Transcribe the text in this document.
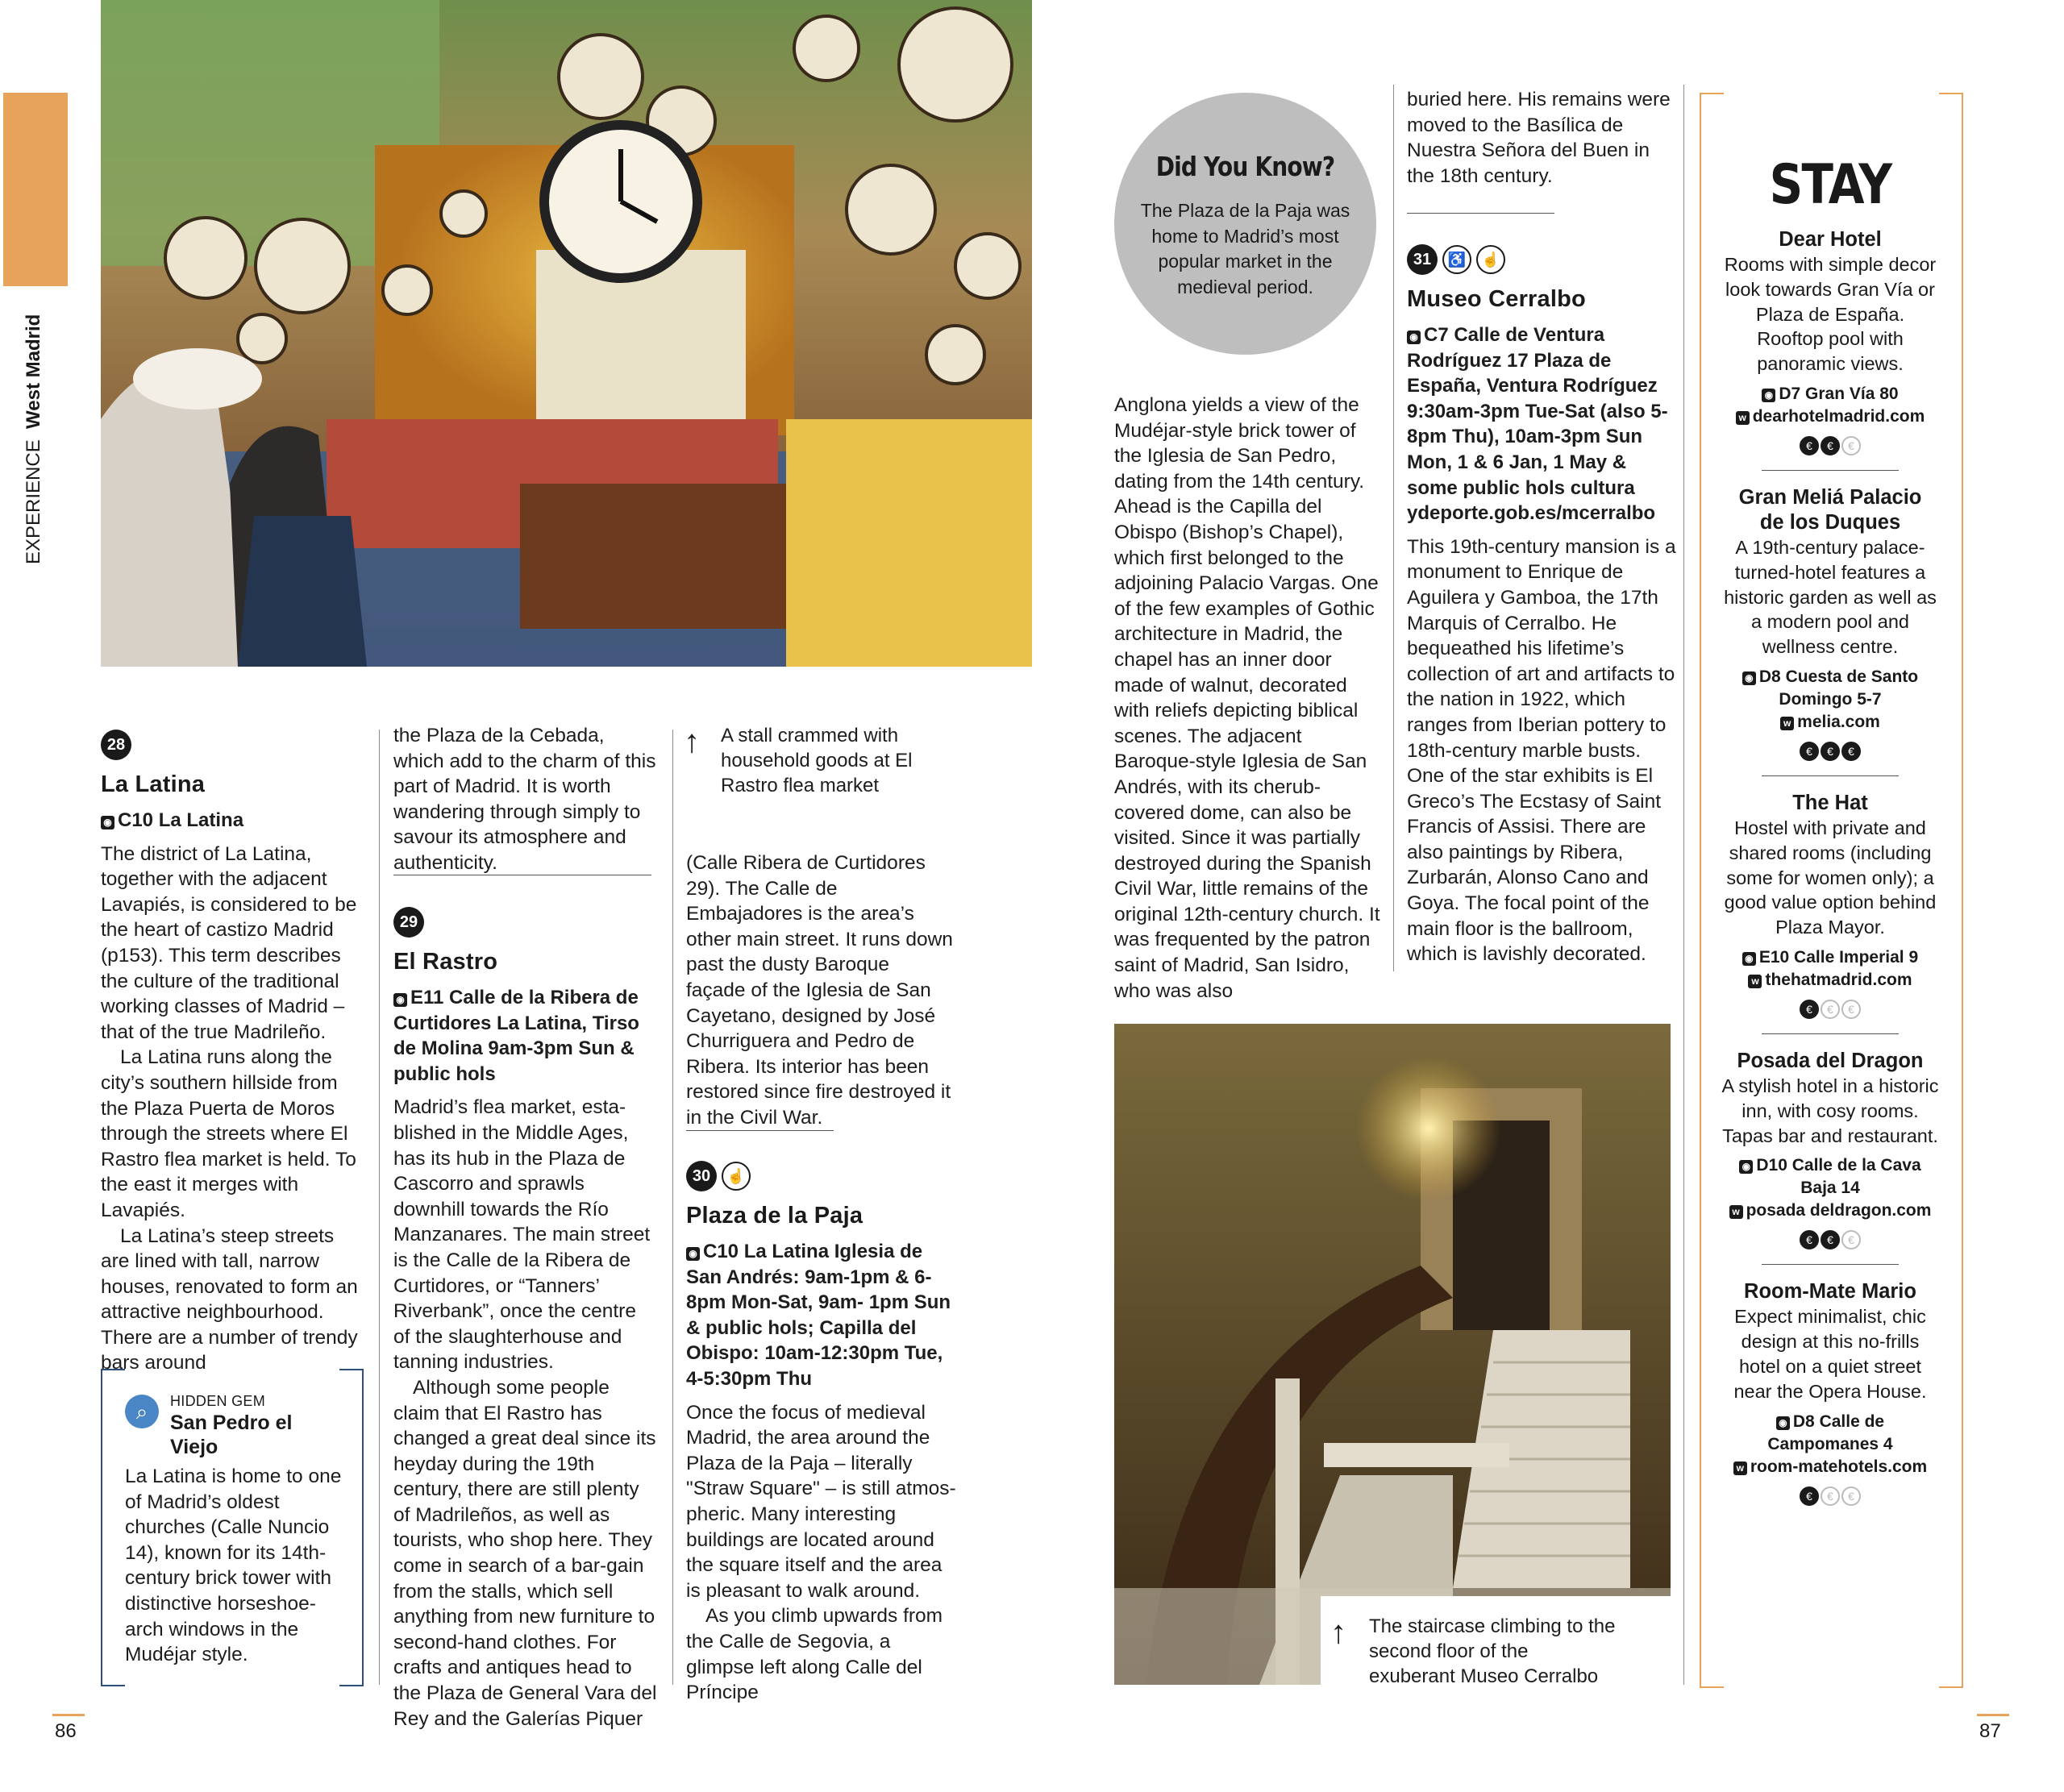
EXPERIENCE  West Madrid
28
La Latina
◉ C10 La Latina

The district of La Latina, together with the adjacent Lavapiés, is considered to be the heart of castizo Madrid (p153). This term describes the culture of the traditional working classes of Madrid – that of the true Madrileño.

La Latina runs along the city’s southern hillside from the Plaza Puerta de Moros through the streets where El Rastro flea market is held. To the east it merges with Lavapiés.

La Latina’s steep streets are lined with tall, narrow houses, renovated to form an attractive neighbourhood. There are a number of trendy bars around

⌕	HIDDEN GEM
San Pedro el Viejo
La Latina is home to one of Madrid’s oldest churches (Calle Nuncio 14), known for its 14th-century brick tower with distinctive horseshoe-arch windows in the Mudéjar style.
the Plaza de la Cebada, which add to the charm of this part of Madrid. It is worth wandering through simply to savour its atmosphere and authenticity.
29
El Rastro
◉ E11 Calle de la Ribera de Curtidores La Latina, Tirso de Molina 9am-3pm Sun & public hols

Madrid’s flea market, esta-blished in the Middle Ages, has its hub in the Plaza de Cascorro and sprawls downhill towards the Río Manzanares. The main street is the Calle de la Ribera de Curtidores, or “Tanners’ Riverbank”, once the centre of the slaughterhouse and tanning industries.

Although some people claim that El Rastro has changed a great deal since its heyday during the 19th century, there are still plenty of Madrileños, as well as tourists, who shop here. They come in search of a bar-gain from the stalls, which sell anything from new furniture to second-hand clothes. For crafts and antiques head to the Plaza de General Vara del Rey and the Galerías Piquer

↑ A stall crammed with household goods at El Rastro flea market
(Calle Ribera de Curtidores 29). The Calle de Embajadores is the area’s other main street. It runs down past the dusty Baroque façade of the Iglesia de San Cayetano, designed by José Churriguera and Pedro de Ribera. Its interior has been restored since fire destroyed it in the Civil War.
30 ☝
Plaza de la Paja
◉ C10 La Latina Iglesia de San Andrés: 9am-1pm & 6-8pm Mon-Sat, 9am- 1pm Sun & public hols; Capilla del Obispo: 10am-12:30pm Tue, 4-5:30pm Thu

Once the focus of medieval Madrid, the area around the Plaza de la Paja – literally "Straw Square" – is still atmos-pheric. Many interesting buildings are located around the square itself and the area is pleasant to walk around.

As you climb upwards from the Calle de Segovia, a glimpse left along Calle del Príncipe

86
Did You Know?
The Plaza de la Paja was home to Madrid’s most popular market in the medieval period.
Anglona yields a view of the Mudéjar-style brick tower of the Iglesia de San Pedro, dating from the 14th century. Ahead is the Capilla del Obispo (Bishop’s Chapel), which first belonged to the adjoining Palacio Vargas. One of the few examples of Gothic architecture in Madrid, the chapel has an inner door made of walnut, decorated with reliefs depicting biblical scenes. The adjacent Baroque-style Iglesia de San Andrés, with its cherub-covered dome, can also be visited. Since it was partially destroyed during the Spanish Civil War, little remains of the original 12th-century church. It was frequented by the patron saint of Madrid, San Isidro, who was also
buried here. His remains were moved to the Basílica de Nuestra Señora del Buen in the 18th century.
31 ♿ ☝
Museo Cerralbo
◉ C7 Calle de Ventura Rodríguez 17 Plaza de España, Ventura Rodríguez 9:30am-3pm Tue-Sat (also 5-8pm Thu), 10am-3pm Sun Mon, 1 & 6 Jan, 1 May & some public hols cultura ydeporte.gob.es/mcerralbo
This 19th-century mansion is a monument to Enrique de Aguilera y Gamboa, the 17th Marquis of Cerralbo. He bequeathed his lifetime’s collection of art and artifacts to the nation in 1922, which ranges from Iberian pottery to 18th-century marble busts. One of the star exhibits is El Greco’s The Ecstasy of Saint Francis of Assisi. There are also paintings by Ribera, Zurbarán, Alonso Cano and Goya. The focal point of the main floor is the ballroom, which is lavishly decorated.
↑ The staircase climbing to the second floor of the exuberant Museo Cerralbo
STAY
Dear Hotel
Rooms with simple decor look towards Gran Vía or Plaza de España. Rooftop pool with panoramic views.
◉ D7 Gran Vía 80
w dearhotelmadrid.com
€ € €
Gran Meliá Palacio de los Duques
A 19th-century palace-turned-hotel features a historic garden as well as a modern pool and wellness centre.
◉ D8 Cuesta de Santo Domingo 5-7
w melia.com
€ € €
The Hat
Hostel with private and shared rooms (including some for women only); a good value option behind Plaza Mayor.
◉ E10 Calle Imperial 9
w thehatmadrid.com
€ € €
Posada del Dragon
A stylish hotel in a historic inn, with cosy rooms. Tapas bar and restaurant.
◉ D10 Calle de la Cava Baja 14
w posada deldragon.com
€ € €
Room-Mate Mario
Expect minimalist, chic design at this no-frills hotel on a quiet street near the Opera House.
◉ D8 Calle de Campomanes 4
w room-matehotels.com
€ € €
87
